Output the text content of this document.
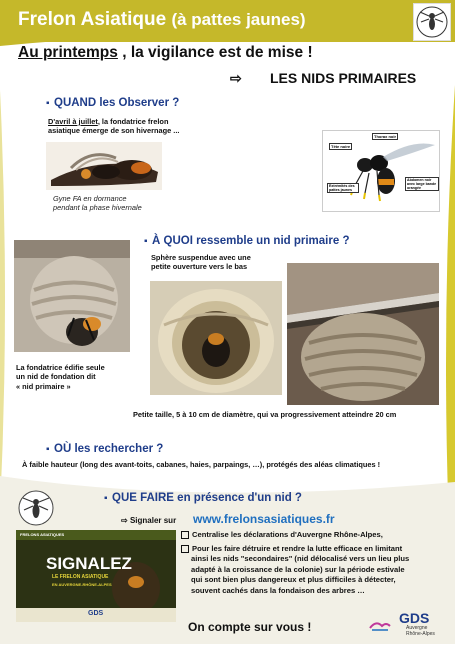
Frelon Asiatique (à pattes jaunes)
Au printemps , la vigilance est de mise !
⇨ LES NIDS PRIMAIRES
▪ QUAND les Observer ?
D'avril à juillet, la fondatrice frelon
asiatique émerge de son hivernage ...
Gyne FA en dormance
pendant la phase hivernale
Thorax noir
Tête noire
Extrémités des pattes jaunes
Abdomen noir avec large bande orangée
▪ À QUOI ressemble un nid primaire ?
Sphère suspendue avec une
petite ouverture vers le bas
La fondatrice édifie seule
un nid de fondation dit
« nid primaire »
Petite taille, 5 à 10 cm de diamètre, qui va progressivement atteindre 20 cm
▪ OÙ les rechercher ?
À faible hauteur (long des avant-toits, cabanes, haies, parpaings, …), protégés des aléas climatiques !
▪ QUE FAIRE en présence d'un nid ?
⇨ Signaler sur www.frelonsasiatiques.fr
FRELONS ASIATIQUES
SIGNALEZ
LE FRELON ASIATIQUE
EN AUVERGNE-RHÔNE-ALPES
GDS
Centralise les déclarations d'Auvergne Rhône-Alpes,
Pour les faire détruire et rendre la lutte efficace en limitant
ainsi les nids "secondaires" (nid délocalisé vers un lieu plus
adapté à la croissance de la colonie) sur la période estivale
qui sont bien plus dangereux et plus difficiles à détecter,
souvent cachés dans la fondaison des arbres …
On compte sur vous !
GDS
Auvergne
Rhône-Alpes
